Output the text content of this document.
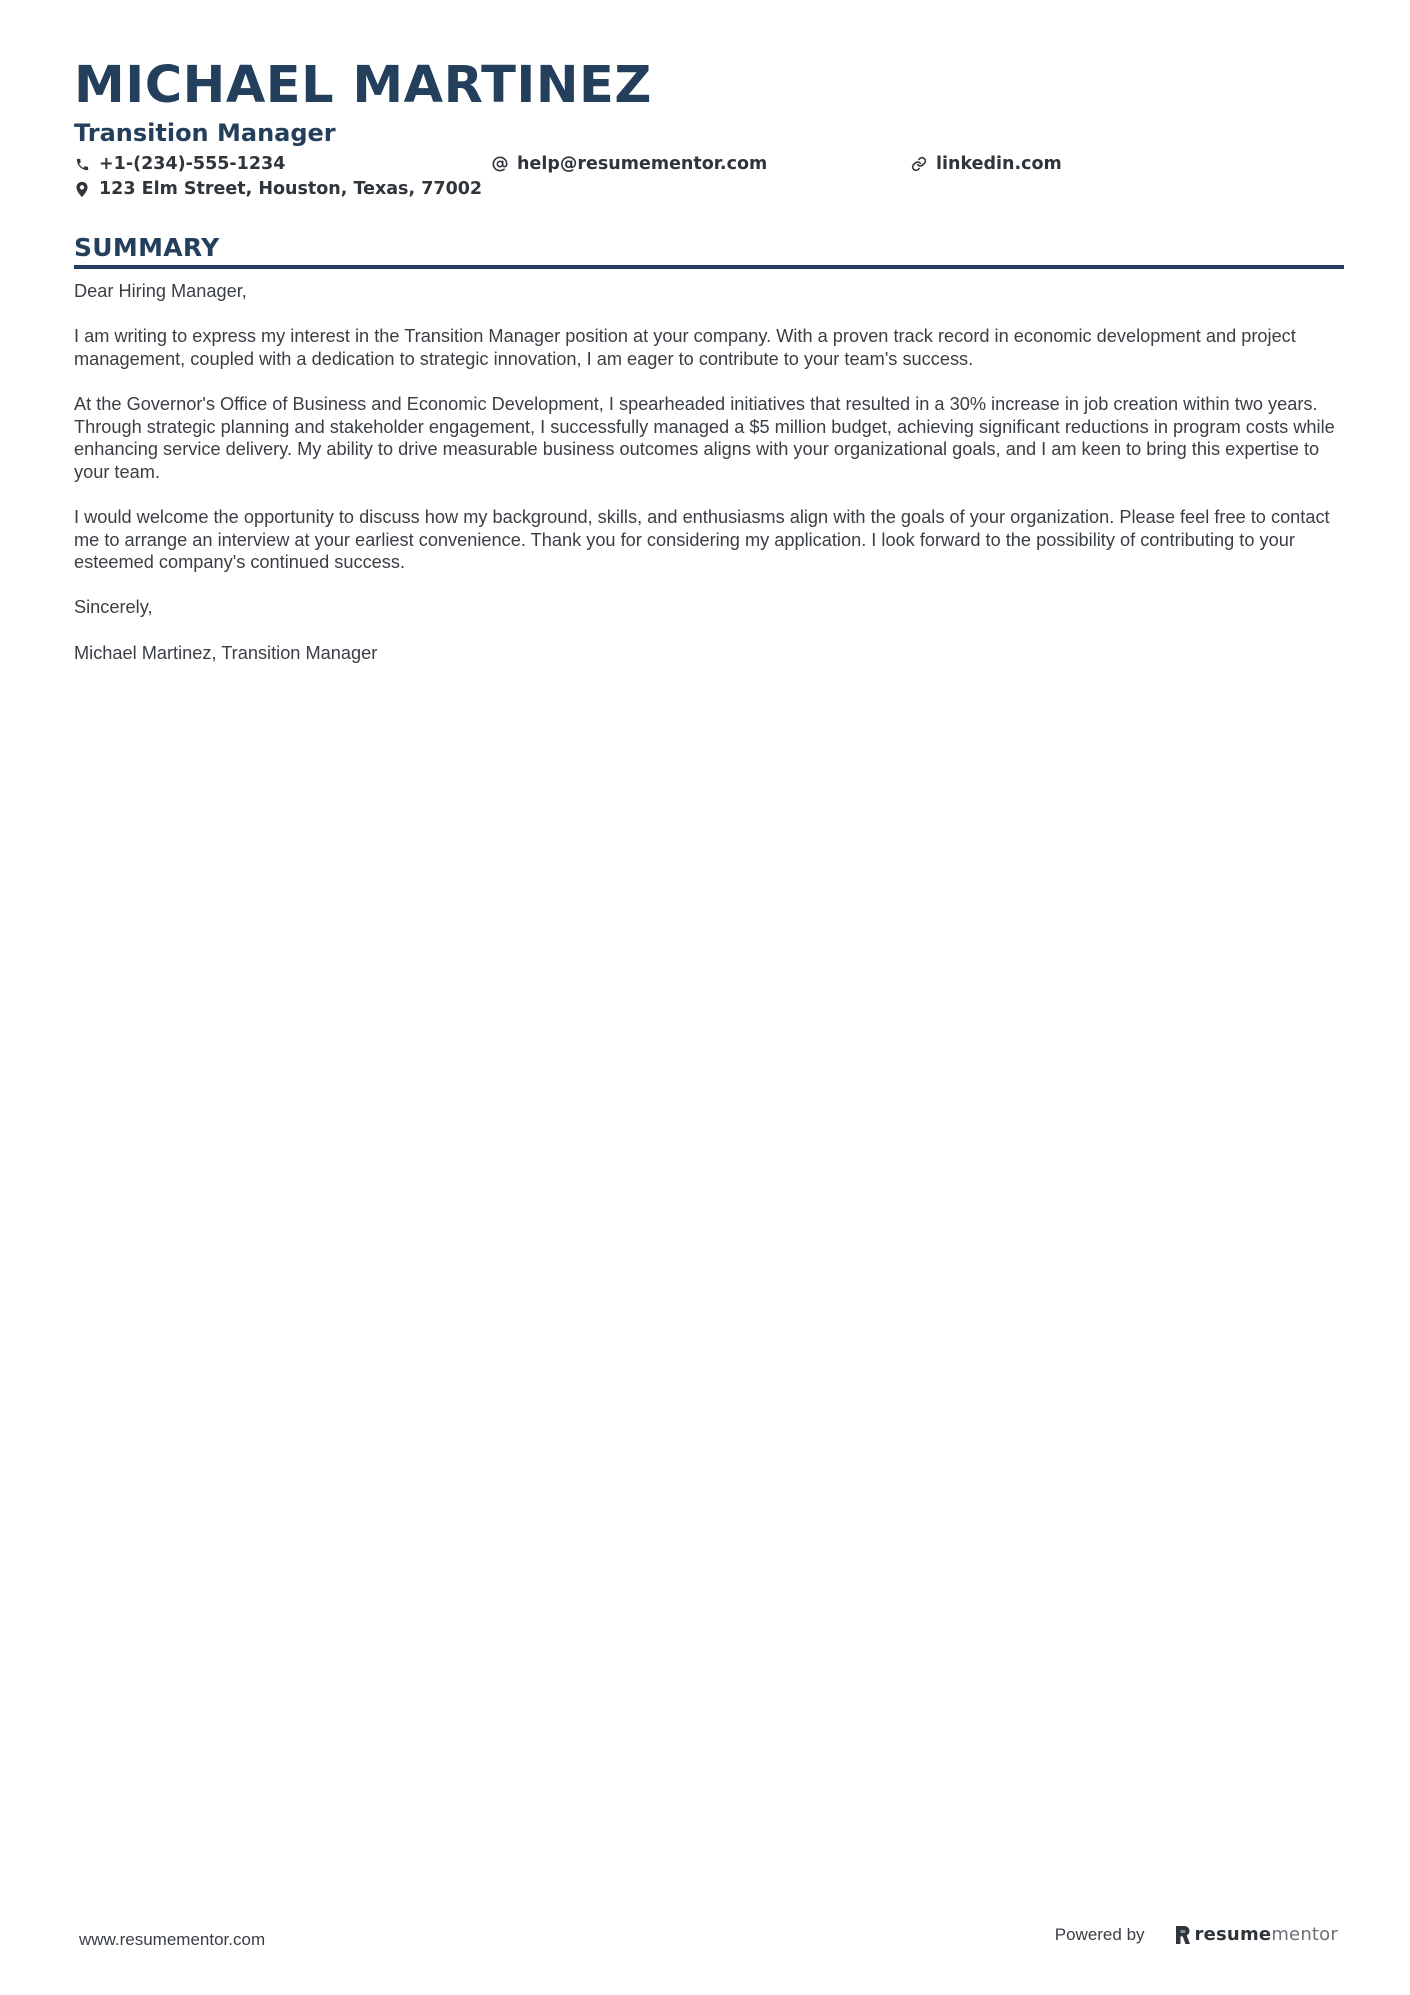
MICHAEL MARTINEZ
Transition Manager
+1-(234)-555-1234	help@resumementor.com	linkedin.com
123 Elm Street, Houston, Texas, 77002
SUMMARY

Dear Hiring Manager,

I am writing to express my interest in the Transition Manager position at your company. With a proven track record in economic development and project management, coupled with a dedication to strategic innovation, I am eager to contribute to your team's success.

At the Governor's Office of Business and Economic Development, I spearheaded initiatives that resulted in a 30% increase in job creation within two years. Through strategic planning and stakeholder engagement, I successfully managed a $5 million budget, achieving significant reductions in program costs while enhancing service delivery. My ability to drive measurable business outcomes aligns with your organizational goals, and I am keen to bring this expertise to your team.

I would welcome the opportunity to discuss how my background, skills, and enthusiasms align with the goals of your organization. Please feel free to contact me to arrange an interview at your earliest convenience. Thank you for considering my application. I look forward to the possibility of contributing to your esteemed company's continued success.

Sincerely,

Michael Martinez, Transition Manager

www.resumementor.com	Powered by	resumementor
